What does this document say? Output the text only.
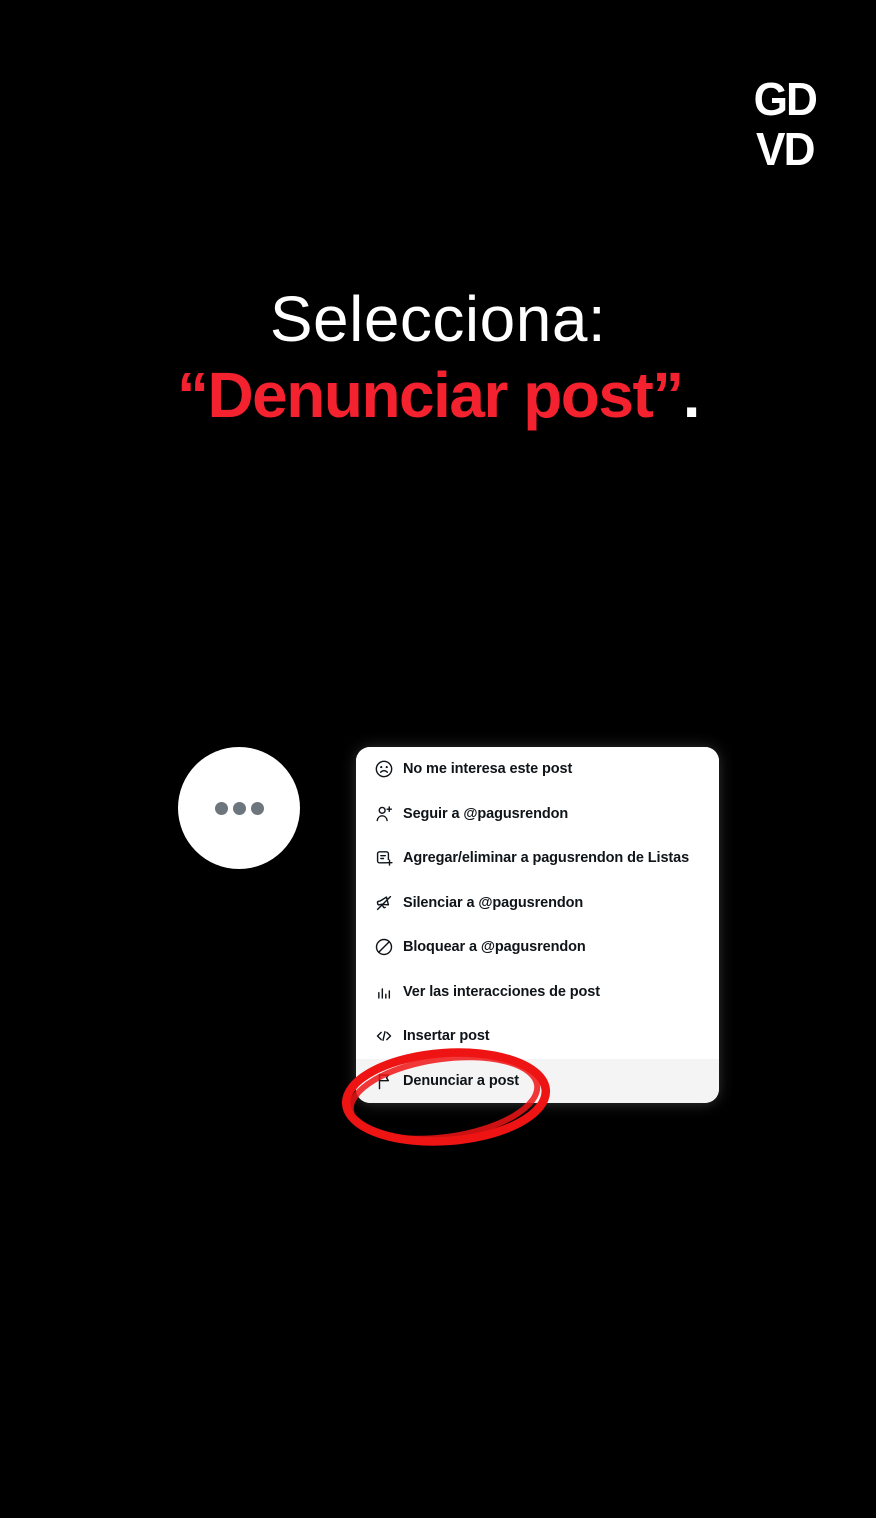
GD
VD
Selecciona:
“Denunciar post”.
No me interesa este post
Seguir a @pagusrendon
Agregar/eliminar a pagusrendon de Listas
Silenciar a @pagusrendon
Bloquear a @pagusrendon
Ver las interacciones de post
Insertar post
Denunciar a post
